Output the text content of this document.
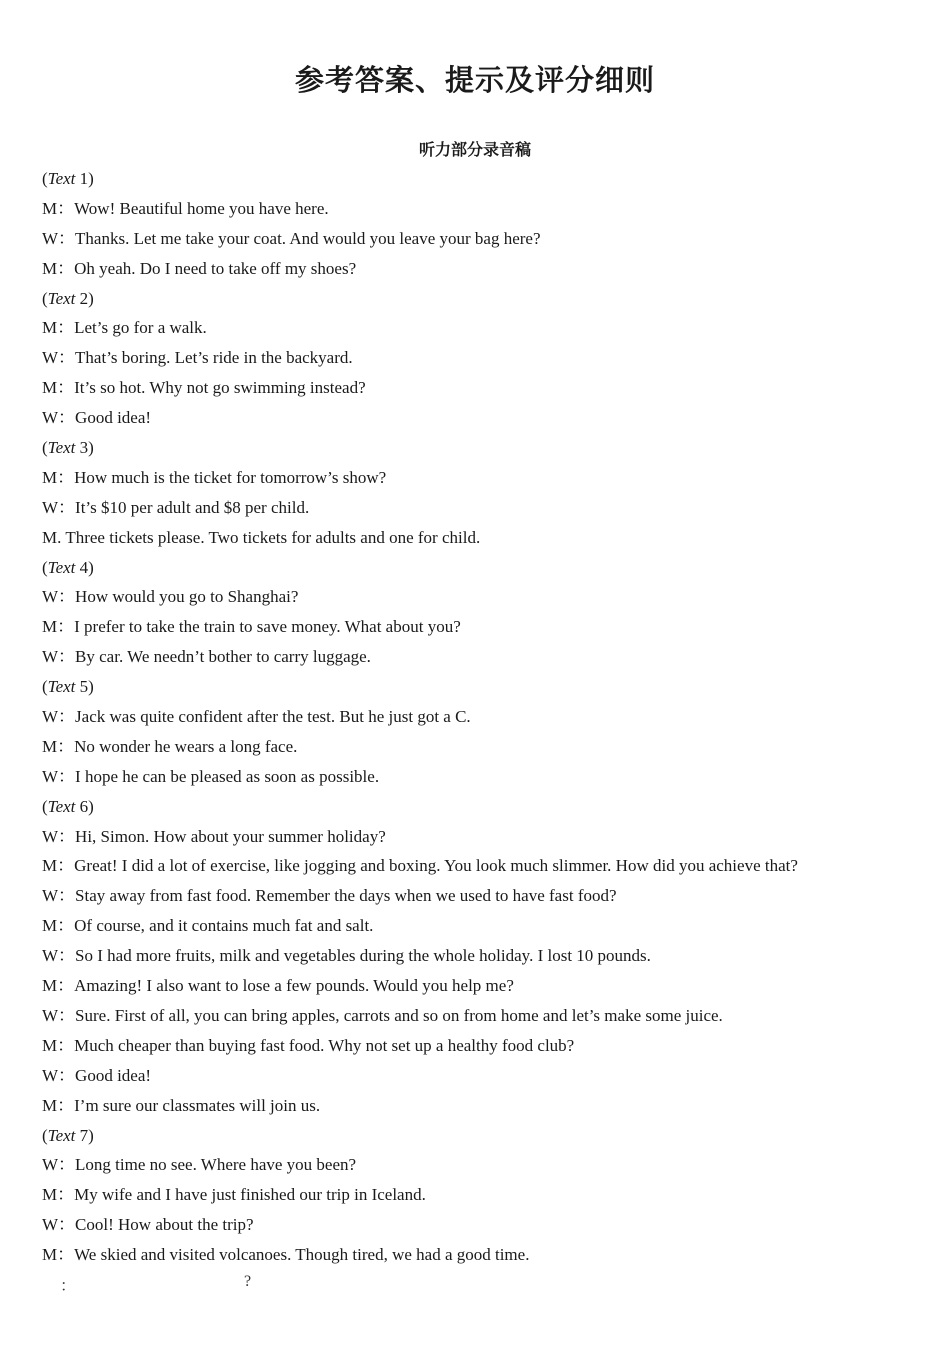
参考答案、提示及评分细则
听力部分录音稿
(Text 1)
M：Wow! Beautiful home you have here.
W：Thanks. Let me take your coat. And would you leave your bag here?
M：Oh yeah. Do I need to take off my shoes?
(Text 2)
M：Let’s go for a walk.
W：That’s boring. Let’s ride in the backyard.
M：It’s so hot. Why not go swimming instead?
W：Good idea!
(Text 3)
M：How much is the ticket for tomorrow’s show?
W：It’s $10 per adult and $8 per child.
M. Three tickets please. Two tickets for adults and one for child.
(Text 4)
W：How would you go to Shanghai?
M：I prefer to take the train to save money. What about you?
W：By car. We needn’t bother to carry luggage.
(Text 5)
W：Jack was quite confident after the test. But he just got a C.
M：No wonder he wears a long face.
W：I hope he can be pleased as soon as possible.
(Text 6)
W：Hi, Simon. How about your summer holiday?
M：Great! I did a lot of exercise, like jogging and boxing. You look much slimmer. How did you achieve that?
W：Stay away from fast food. Remember the days when we used to have fast food?
M：Of course, and it contains much fat and salt.
W：So I had more fruits, milk and vegetables during the whole holiday. I lost 10 pounds.
M：Amazing! I also want to lose a few pounds. Would you help me?
W：Sure. First of all, you can bring apples, carrots and so on from home and let’s make some juice.
M：Much cheaper than buying fast food. Why not set up a healthy food club?
W：Good idea!
M：I’m sure our classmates will join us.
(Text 7)
W：Long time no see. Where have you been?
M：My wife and I have just finished our trip in Iceland.
W：Cool! How about the trip?
M：We skied and visited volcanoes. Though tired, we had a good time.
：	?
